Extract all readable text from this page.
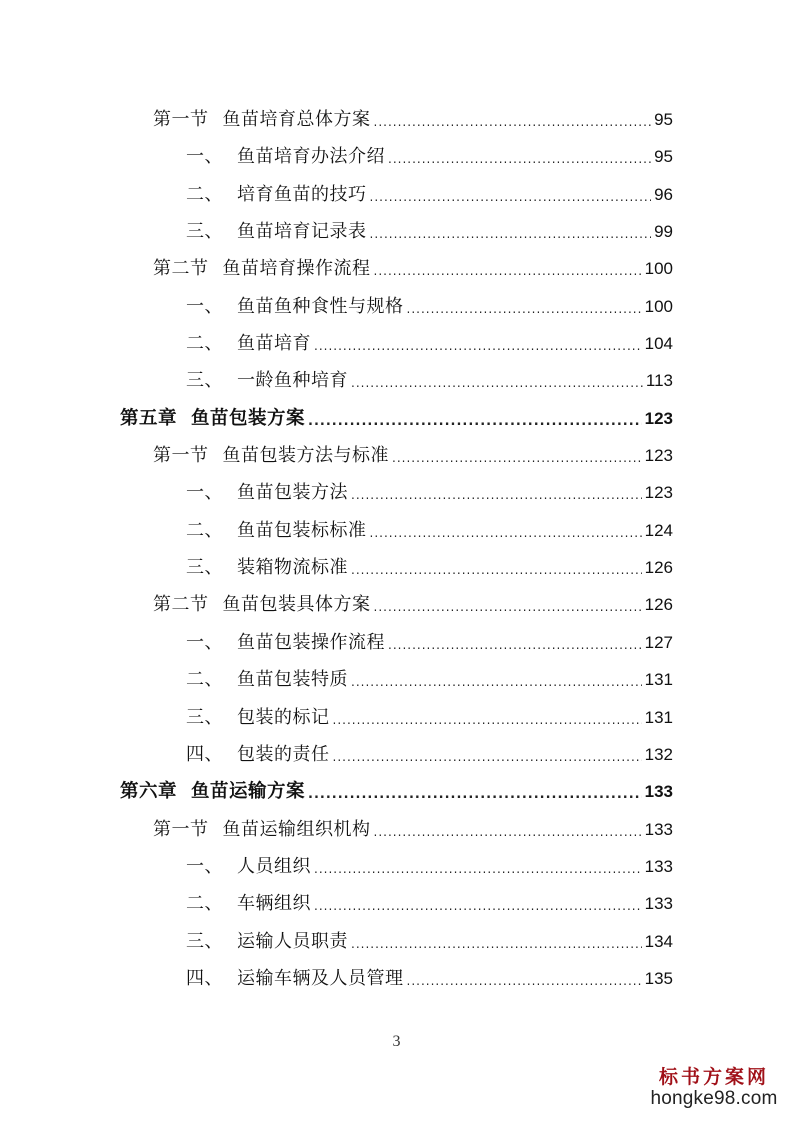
第一节 鱼苗培育总体方案 .....	95
一、 鱼苗培育办法介绍 .....	95
二、 培育鱼苗的技巧 .....	96
三、 鱼苗培育记录表 .....	99
第二节 鱼苗培育操作流程 .....	100
一、 鱼苗鱼种食性与规格 .....	100
二、 鱼苗培育 .....	104
三、 一龄鱼种培育 .....	113
第五章 鱼苗包装方案 .....	123
第一节 鱼苗包装方法与标准 .....	123
一、 鱼苗包装方法 .....	123
二、 鱼苗包装标标准 .....	124
三、 装箱物流标准 .....	126
第二节 鱼苗包装具体方案 .....	126
一、 鱼苗包装操作流程 .....	127
二、 鱼苗包装特质 .....	131
三、 包装的标记 .....	131
四、 包装的责任 .....	132
第六章 鱼苗运输方案 .....	133
第一节 鱼苗运输组织机构 .....	133
一、 人员组织 .....	133
二、 车辆组织 .....	133
三、 运输人员职责 .....	134
四、 运输车辆及人员管理 .....	135
3
标书方案网
hongke98.com
